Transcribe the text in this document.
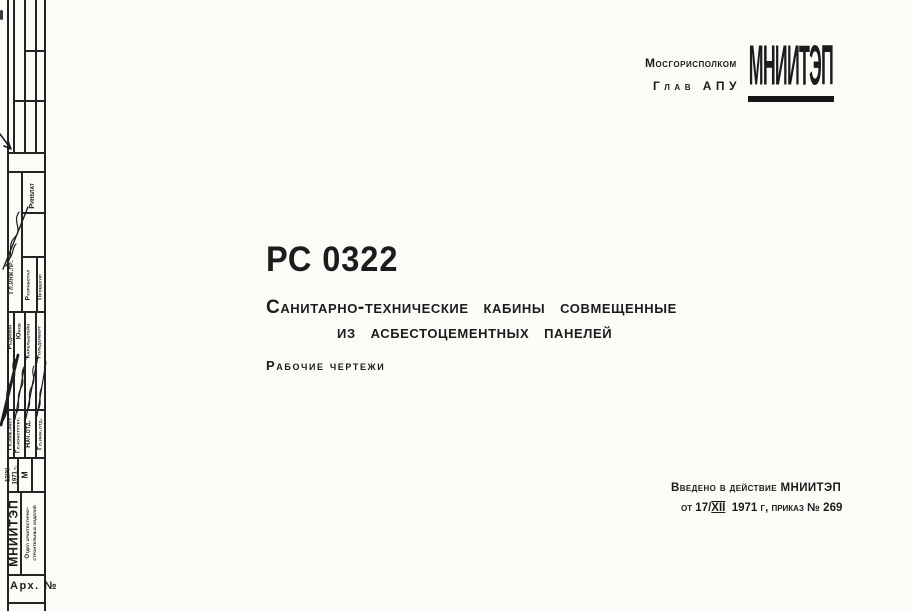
Ринблат
Гл.инж.пр. Разработал Проверил
Рыдюкин Юнов Карельштейн Гольденберг
Гл.инж.инст Гл.конструкт. Нач.отд. Гл.инж.отд.
12/XI
1971 г. М
МНИИТЭП Отдел архитектурно-
строительных изделий
Арх. №
Мосгорисполком
Глав АПУ МНИИТЭП
РС 0322
Санитарно-технические кабины совмещенные
из асбестоцементных панелей
Рабочие чертежи
Введено в действие МНИИТЭП
от 17/XII  1971 г, приказ № 269
